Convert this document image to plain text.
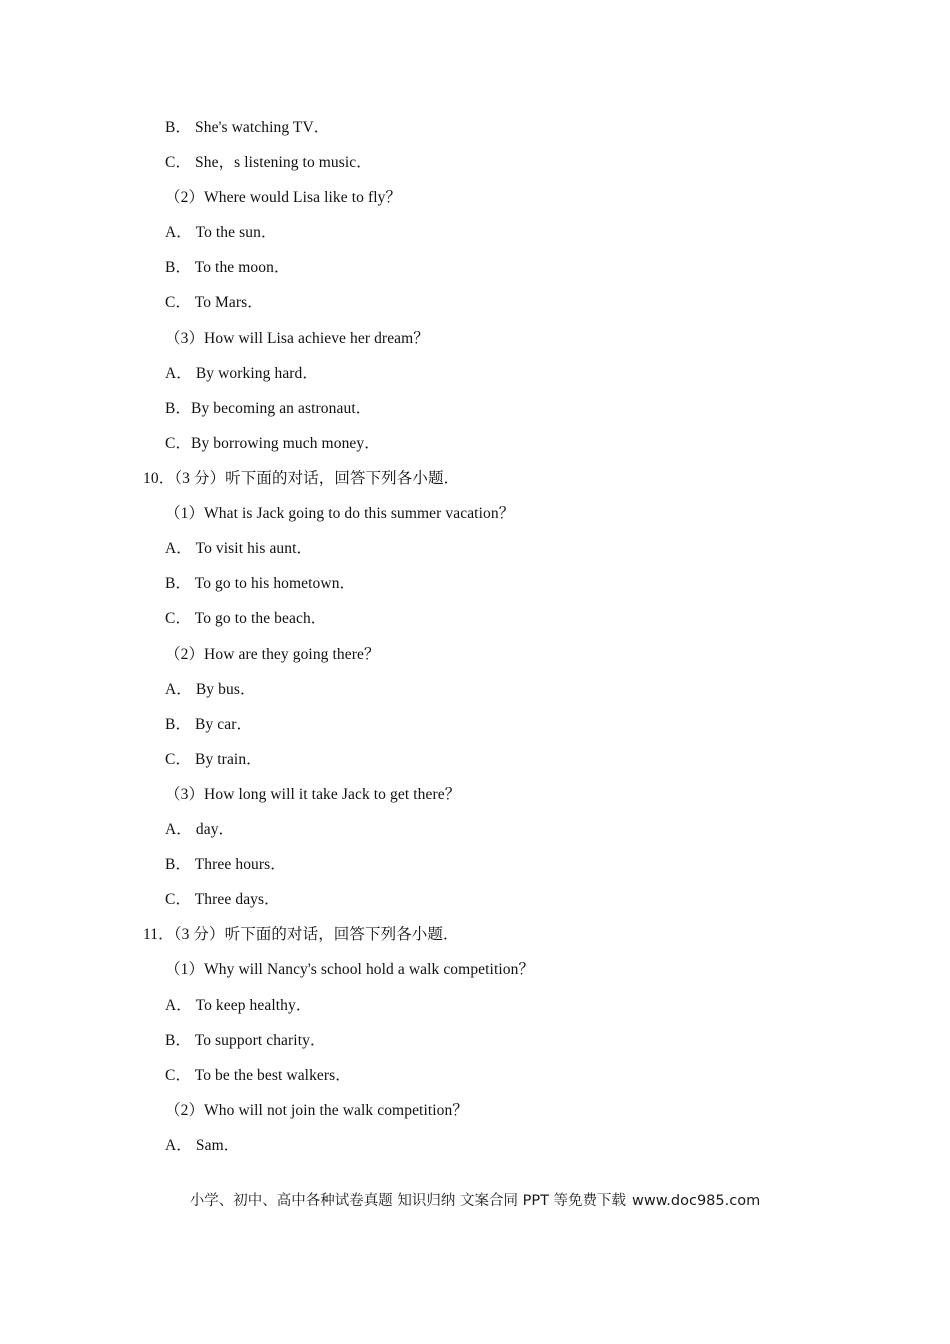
B． She's watching TV．
C． She，s listening to music．
（2）Where would Lisa like to fly？
A． To the sun．
B． To the moon．
C． To Mars．
（3）How will Lisa achieve her dream？
A． By working hard．
B．By becoming an astronaut．
C．By borrowing much money．
10．（3 分）听下面的对话，回答下列各小题．
（1）What is Jack going to do this summer vacation？
A． To visit his aunt．
B． To go to his hometown．
C． To go to the beach．
（2）How are they going there？
A． By bus．
B． By car．
C． By train．
（3）How long will it take Jack to get there？
A． day．
B． Three hours．
C． Three days．
11．（3 分）听下面的对话，回答下列各小题．
（1）Why will Nancy's school hold a walk competition？
A． To keep healthy．
B． To support charity．
C． To be the best walkers．
（2）Who will not join the walk competition？
A． Sam．
小学、初中、高中各种试卷真题 知识归纳 文案合同 PPT 等免费下载 www.doc985.com
